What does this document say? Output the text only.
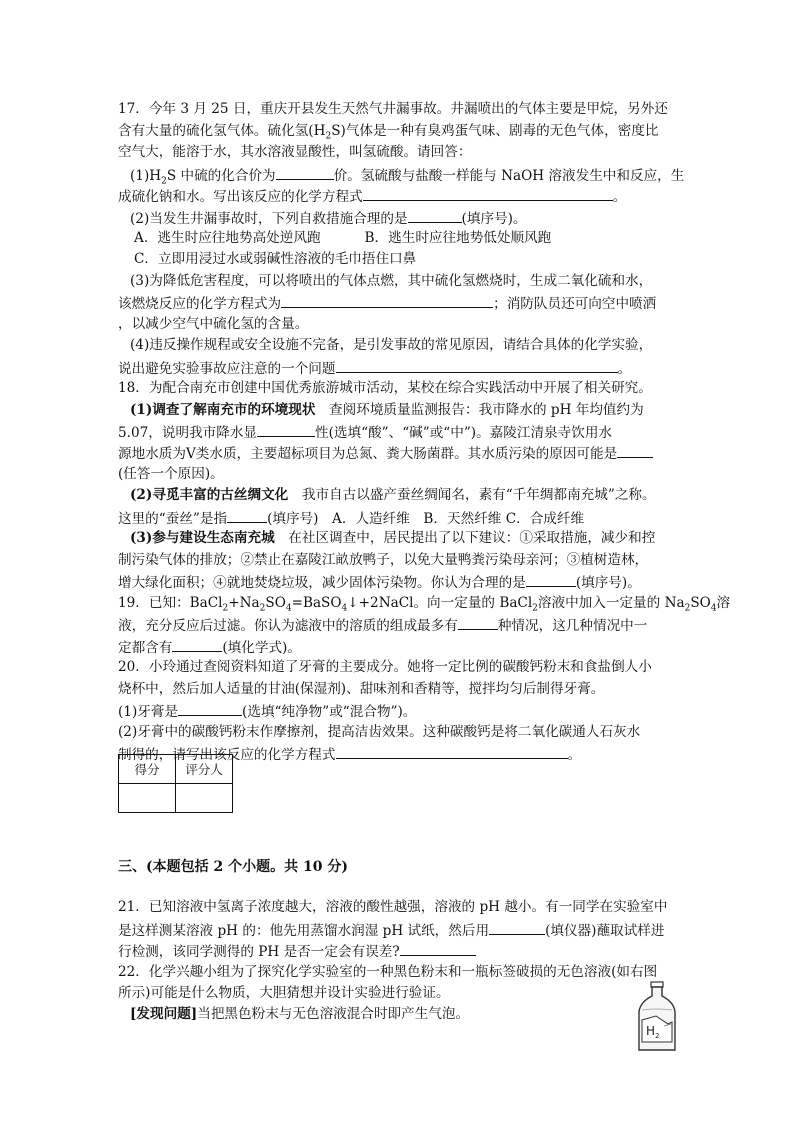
17．今年 3 月 25 日，重庆开县发生天然气井漏事故。井漏喷出的气体主要是甲烷，另外还
含有大量的硫化氢气体。硫化氢$(H_2S)$气体是一种有臭鸡蛋气味、剧毒的无色气体，密度比
空气大，能溶于水，其水溶液显酸性，叫氢硫酸。请回答：
$(1)H_2S$ 中硫的化合价为	价。氢硫酸与盐酸一样能与 NaOH 溶液发生中和反应，生
成硫化钠和水。写出该反应的化学方程式	。
(2)当发生井漏事故时，下列自救措施合理的是	(填序号)。
A．逃生时应往地势高处逆风跑	B．逃生时应往地势低处顺风跑
C．立即用浸过水或弱碱性溶液的毛巾捂住口鼻
(3)为降低危害程度，可以将喷出的气体点燃，其中硫化氢燃烧时，生成二氧化硫和水，
该燃烧反应的化学方程式为	；消防队员还可向空中喷洒
，以减少空气中硫化氢的含量。
(4)违反操作规程或安全设施不完备，是引发事故的常见原因，请结合具体的化学实验，
说出避免实验事故应注意的一个问题	。
18．为配合南充市创建中国优秀旅游城市活动，某校在综合实践活动中开展了相关研究。
(1)调查了解南充市的环境现状　查阅环境质量监测报告：我市降水的 pH 年均值约为
5.07，说明我市降水显	性(选填“酸”、“碱”或“中”)。嘉陵江清泉寺饮用水
源地水质为Ⅴ类水质，主要超标项目为总氮、粪大肠菌群。其水质污染的原因可能是
(任答一个原因)。
(2)寻觅丰富的古丝绸文化　我市自古以盛产蚕丝绸闻名，素有“千年绸都南充城”之称。
这里的“蚕丝”是指	(填序号)　A．人造纤维　B．天然纤维 C．合成纤维
(3)参与建设生态南充城　在社区调查中，居民提出了以下建议：①采取措施，减少和控
制污染气体的排放；②禁止在嘉陵江畝放鸭子，以免大量鸭粪污染母亲河；③植树造林，
增大绿化面积；④就地焚烧垃圾，减少固体污染物。你认为合理的是	(填序号)。
19．已知：$BaCl_2+Na_2SO_4=BaSO_4↓+2NaCl$。向一定量的 BaCl$_2$溶液中加入一定量的 $Na_2SO_4$溶
液，充分反应后过滤。你认为滤液中的溶质的组成最多有	种情况，这几种情况中一
定都含有	(填化学式)。
20．小玲通过查阅资料知道了牙膏的主要成分。她将一定比例的碳酸钙粉末和食盐倒人小
烧杯中，然后加人适量的甘油(保湿剂)、甜味剂和香精等，搅拌均匀后制得牙膏。
(1)牙膏是	(选填“纯净物”或“混合物”)。
(2)牙膏中的碳酸钙粉末作摩擦剂，提高洁齿效果。这种碳酸钙是将二氧化碳通人石灰水
制得的，请写出该反应的化学方程式	。
得分	评分人

三、(本题包括 2 个小题。共 10 分)
21．已知溶液中氢离子浓度越大，溶液的酸性越强，溶液的 pH 越小。有一同学在实验室中
是这样测某溶液 pH 的：他先用蒸馏水润湿 pH 试纸，然后用	(填仪器)蘸取试样进
行检测，该同学测得的 PH 是否一定会有误差?
22．化学兴趣小组为了探究化学实验室的一种黑色粉末和一瓶标签破损的无色溶液(如右图
所示)可能是什么物质，大胆猜想并设计实验进行验证。
[发现问题]当把黑色粉末与无色溶液混合时即产生气泡。
H 2
